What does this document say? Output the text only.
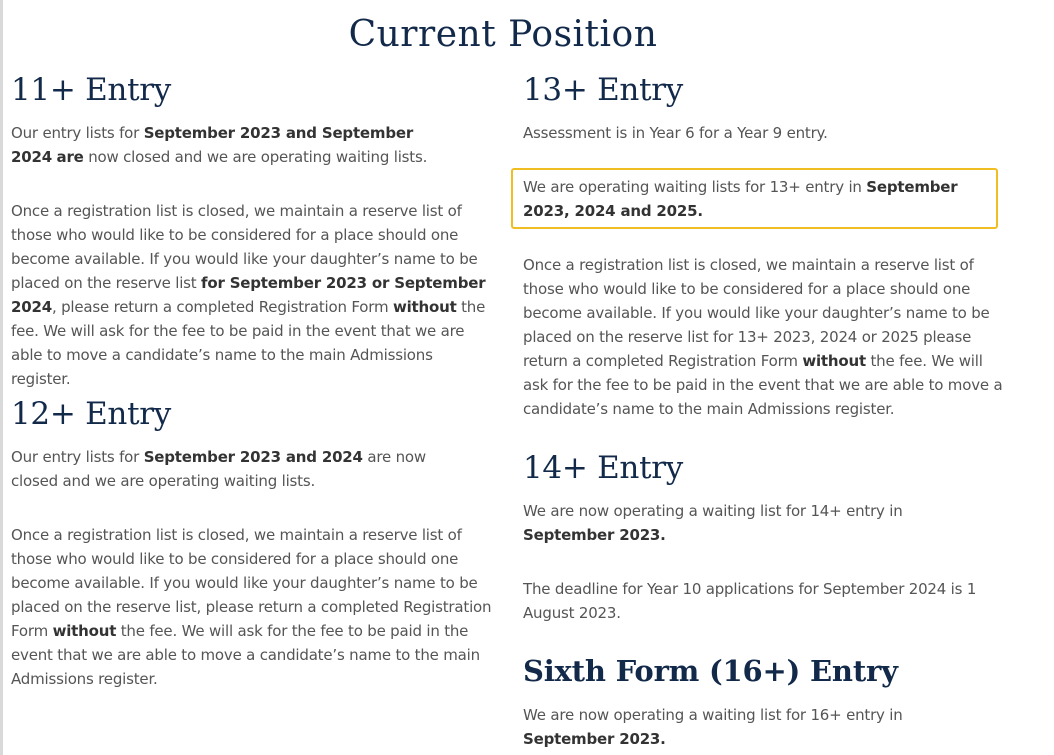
Current Position
11+ Entry

Our entry lists for September 2023 and September 2024 are now closed and we are operating waiting lists.

Once a registration list is closed, we maintain a reserve list of those who would like to be considered for a place should one become available. If you would like your daughter’s name to be placed on the reserve list for September 2023 or September 2024, please return a completed Registration Form without the fee. We will ask for the fee to be paid in the event that we are able to move a candidate’s name to the main Admissions register.

12+ Entry

Our entry lists for September 2023 and 2024 are now closed and we are operating waiting lists.

Once a registration list is closed, we maintain a reserve list of those who would like to be considered for a place should one become available. If you would like your daughter’s name to be placed on the reserve list, please return a completed Registration Form without the fee. We will ask for the fee to be paid in the event that we are able to move a candidate’s name to the main Admissions register.

13+ Entry

Assessment is in Year 6 for a Year 9 entry.

We are operating waiting lists for 13+ entry in September 2023, 2024 and 2025.

Once a registration list is closed, we maintain a reserve list of those who would like to be considered for a place should one become available. If you would like your daughter’s name to be placed on the reserve list for 13+ 2023, 2024 or 2025 please return a completed Registration Form without the fee. We will ask for the fee to be paid in the event that we are able to move a candidate’s name to the main Admissions register.

14+ Entry

We are now operating a waiting list for 14+ entry in September 2023.

The deadline for Year 10 applications for September 2024 is 1 August 2023.

Sixth Form (16+) Entry

We are now operating a waiting list for 16+ entry in September 2023.
